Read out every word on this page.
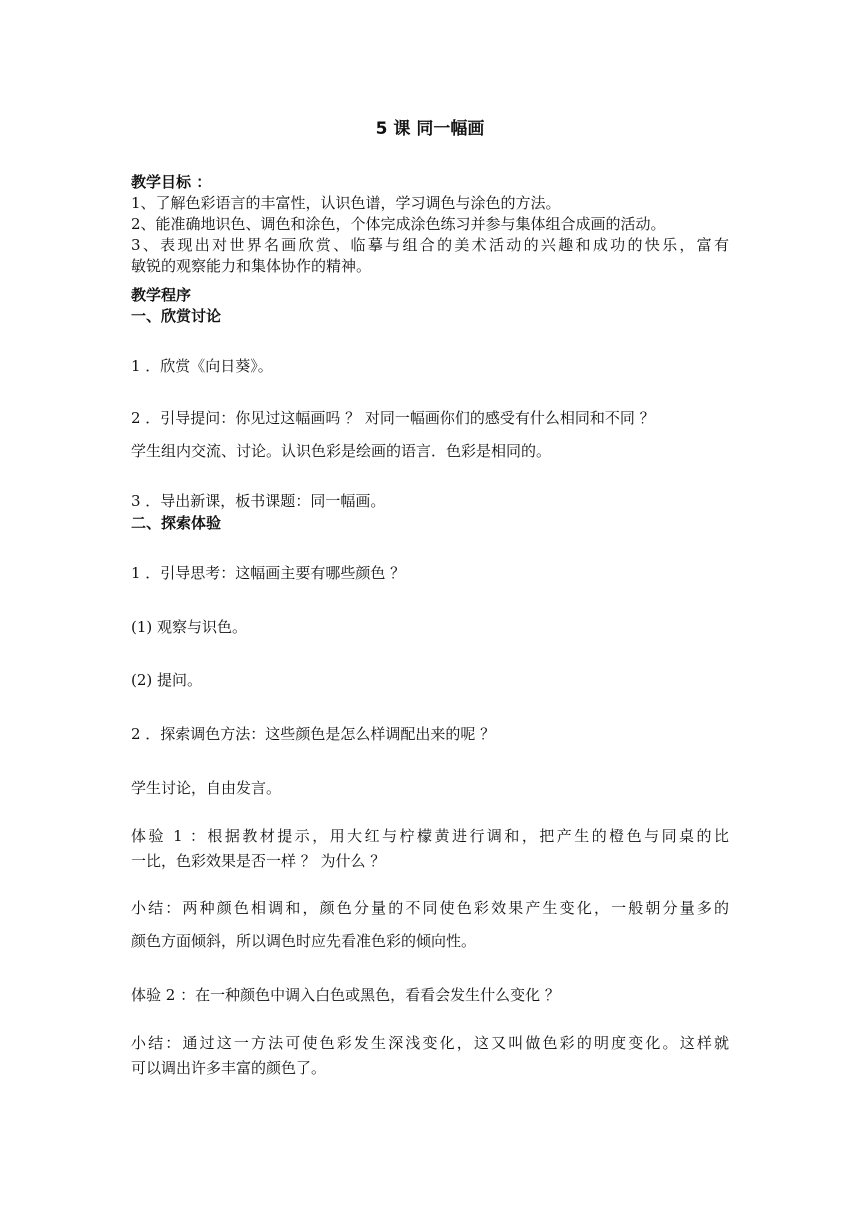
5 课 同一幅画
教学目标 ：
1、了解色彩语言的丰富性，认识色谱，学习调色与涂色的方法。
2、能准确地识色、调色和涂色，个体完成涂色练习并参与集体组合成画的活动。
3、表现出对世界名画欣赏、临摹与组合的美术活动的兴趣和成功的快乐，富有
敏锐的观察能力和集体协作的精神。
教学程序
一、欣赏讨论
1 ．欣赏《向日葵》。
2 ．引导提问：你见过这幅画吗 ？ 对同一幅画你们的感受有什么相同和不同 ？
学生组内交流、讨论。认识色彩是绘画的语言．色彩是相同的。
3 ．导出新课，板书课题：同一幅画。
二、探索体验
1 ．引导思考：这幅画主要有哪些颜色 ？
(1) 观察与识色。
(2) 提问。
2 ．探索调色方法：这些颜色是怎么样调配出来的呢 ？
学生讨论，自由发言。
体验 1 ：根据教材提示，用大红与柠檬黄进行调和，把产生的橙色与同桌的比
一比，色彩效果是否一样 ？ 为什么 ？
小结：两种颜色相调和，颜色分量的不同使色彩效果产生变化，一般朝分量多的
颜色方面倾斜，所以调色时应先看准色彩的倾向性。
体验 2 ：在一种颜色中调入白色或黑色，看看会发生什么变化 ？
小结：通过这一方法可使色彩发生深浅变化，这又叫做色彩的明度变化。这样就
可以调出许多丰富的颜色了。
